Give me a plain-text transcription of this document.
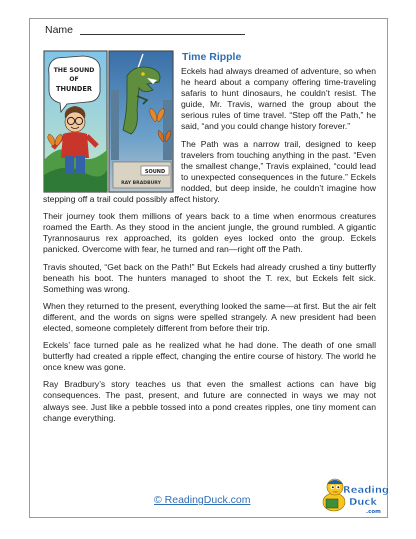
Name
THE SOUND
OF
THUNDER
SOUND
RAY BRADBURY
Time Ripple

Eckels had always dreamed of adventure, so when he heard about a company offering time-traveling safaris to hunt dinosaurs, he couldn’t resist. The guide, Mr. Travis, warned the group about the serious rules of time travel. “Step off the Path,” he said, “and you could change history forever.”

The Path was a narrow trail, designed to keep travelers from touching anything in the past. “Even the smallest change,” Travis explained, “could lead to unexpected consequences in the future.” Eckels nodded, but deep inside, he couldn’t imagine how stepping off a trail could possibly affect history.

Their journey took them millions of years back to a time when enormous creatures roamed the Earth. As they stood in the ancient jungle, the ground rumbled. A gigantic Tyrannosaurus rex approached, its golden eyes locked onto the group. Eckels panicked. Overcome with fear, he turned and ran—right off the Path.

Travis shouted, “Get back on the Path!” But Eckels had already crushed a tiny butterfly beneath his boot. The hunters managed to shoot the T. rex, but Eckels felt sick. Something was wrong.

When they returned to the present, everything looked the same—at first. But the air felt different, and the words on signs were spelled strangely. A new president had been elected, someone completely different from before their trip.

Eckels’ face turned pale as he realized what he had done. The death of one small butterfly had created a ripple effect, changing the entire course of history. The world he once knew was gone.

Ray Bradbury’s story teaches us that even the smallest actions can have big consequences. The past, present, and future are connected in ways we may not always see. Just like a pebble tossed into a pond creates ripples, one tiny moment can change everything.

© ReadingDuck.com
Reading
Duck
.com
